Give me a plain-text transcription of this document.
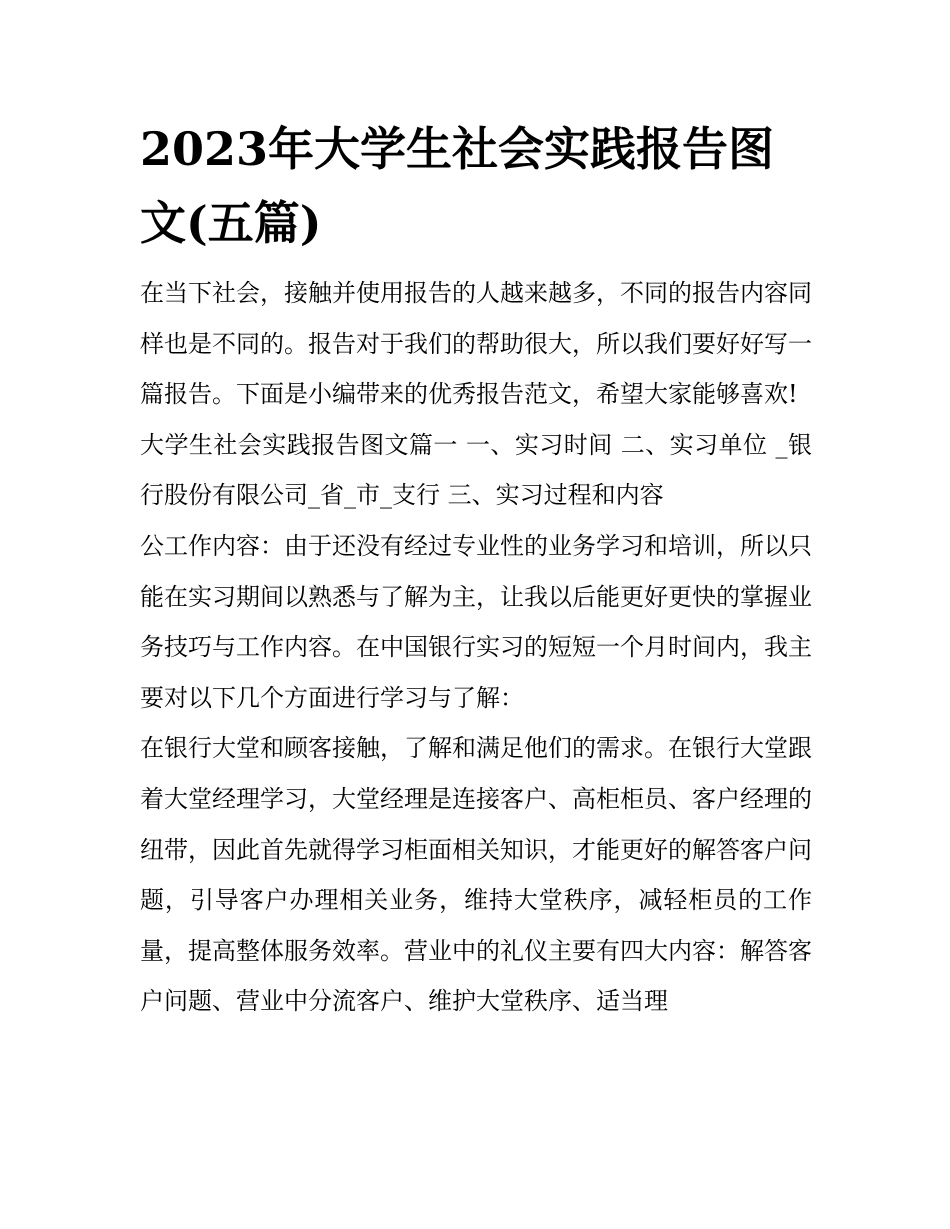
2023年大学生社会实践报告图文(五篇)

在当下社会，接触并使用报告的人越来越多，不同的报告内容同样也是不同的。报告对于我们的帮助很大，所以我们要好好写一篇报告。下面是小编带来的优秀报告范文，希望大家能够喜欢!

大学生社会实践报告图文篇一 一、实习时间 二、实习单位 _银行股份有限公司_省_市_支行 三、实习过程和内容

公工作内容：由于还没有经过专业性的业务学习和培训，所以只能在实习期间以熟悉与了解为主，让我以后能更好更快的掌握业务技巧与工作内容。在中国银行实习的短短一个月时间内，我主要对以下几个方面进行学习与了解：

在银行大堂和顾客接触，了解和满足他们的需求。在银行大堂跟着大堂经理学习，大堂经理是连接客户、高柜柜员、客户经理的纽带，因此首先就得学习柜面相关知识，才能更好的解答客户问题，引导客户办理相关业务，维持大堂秩序，减轻柜员的工作量，提高整体服务效率。营业中的礼仪主要有四大内容：解答客户问题、营业中分流客户、维护大堂秩序、适当理
